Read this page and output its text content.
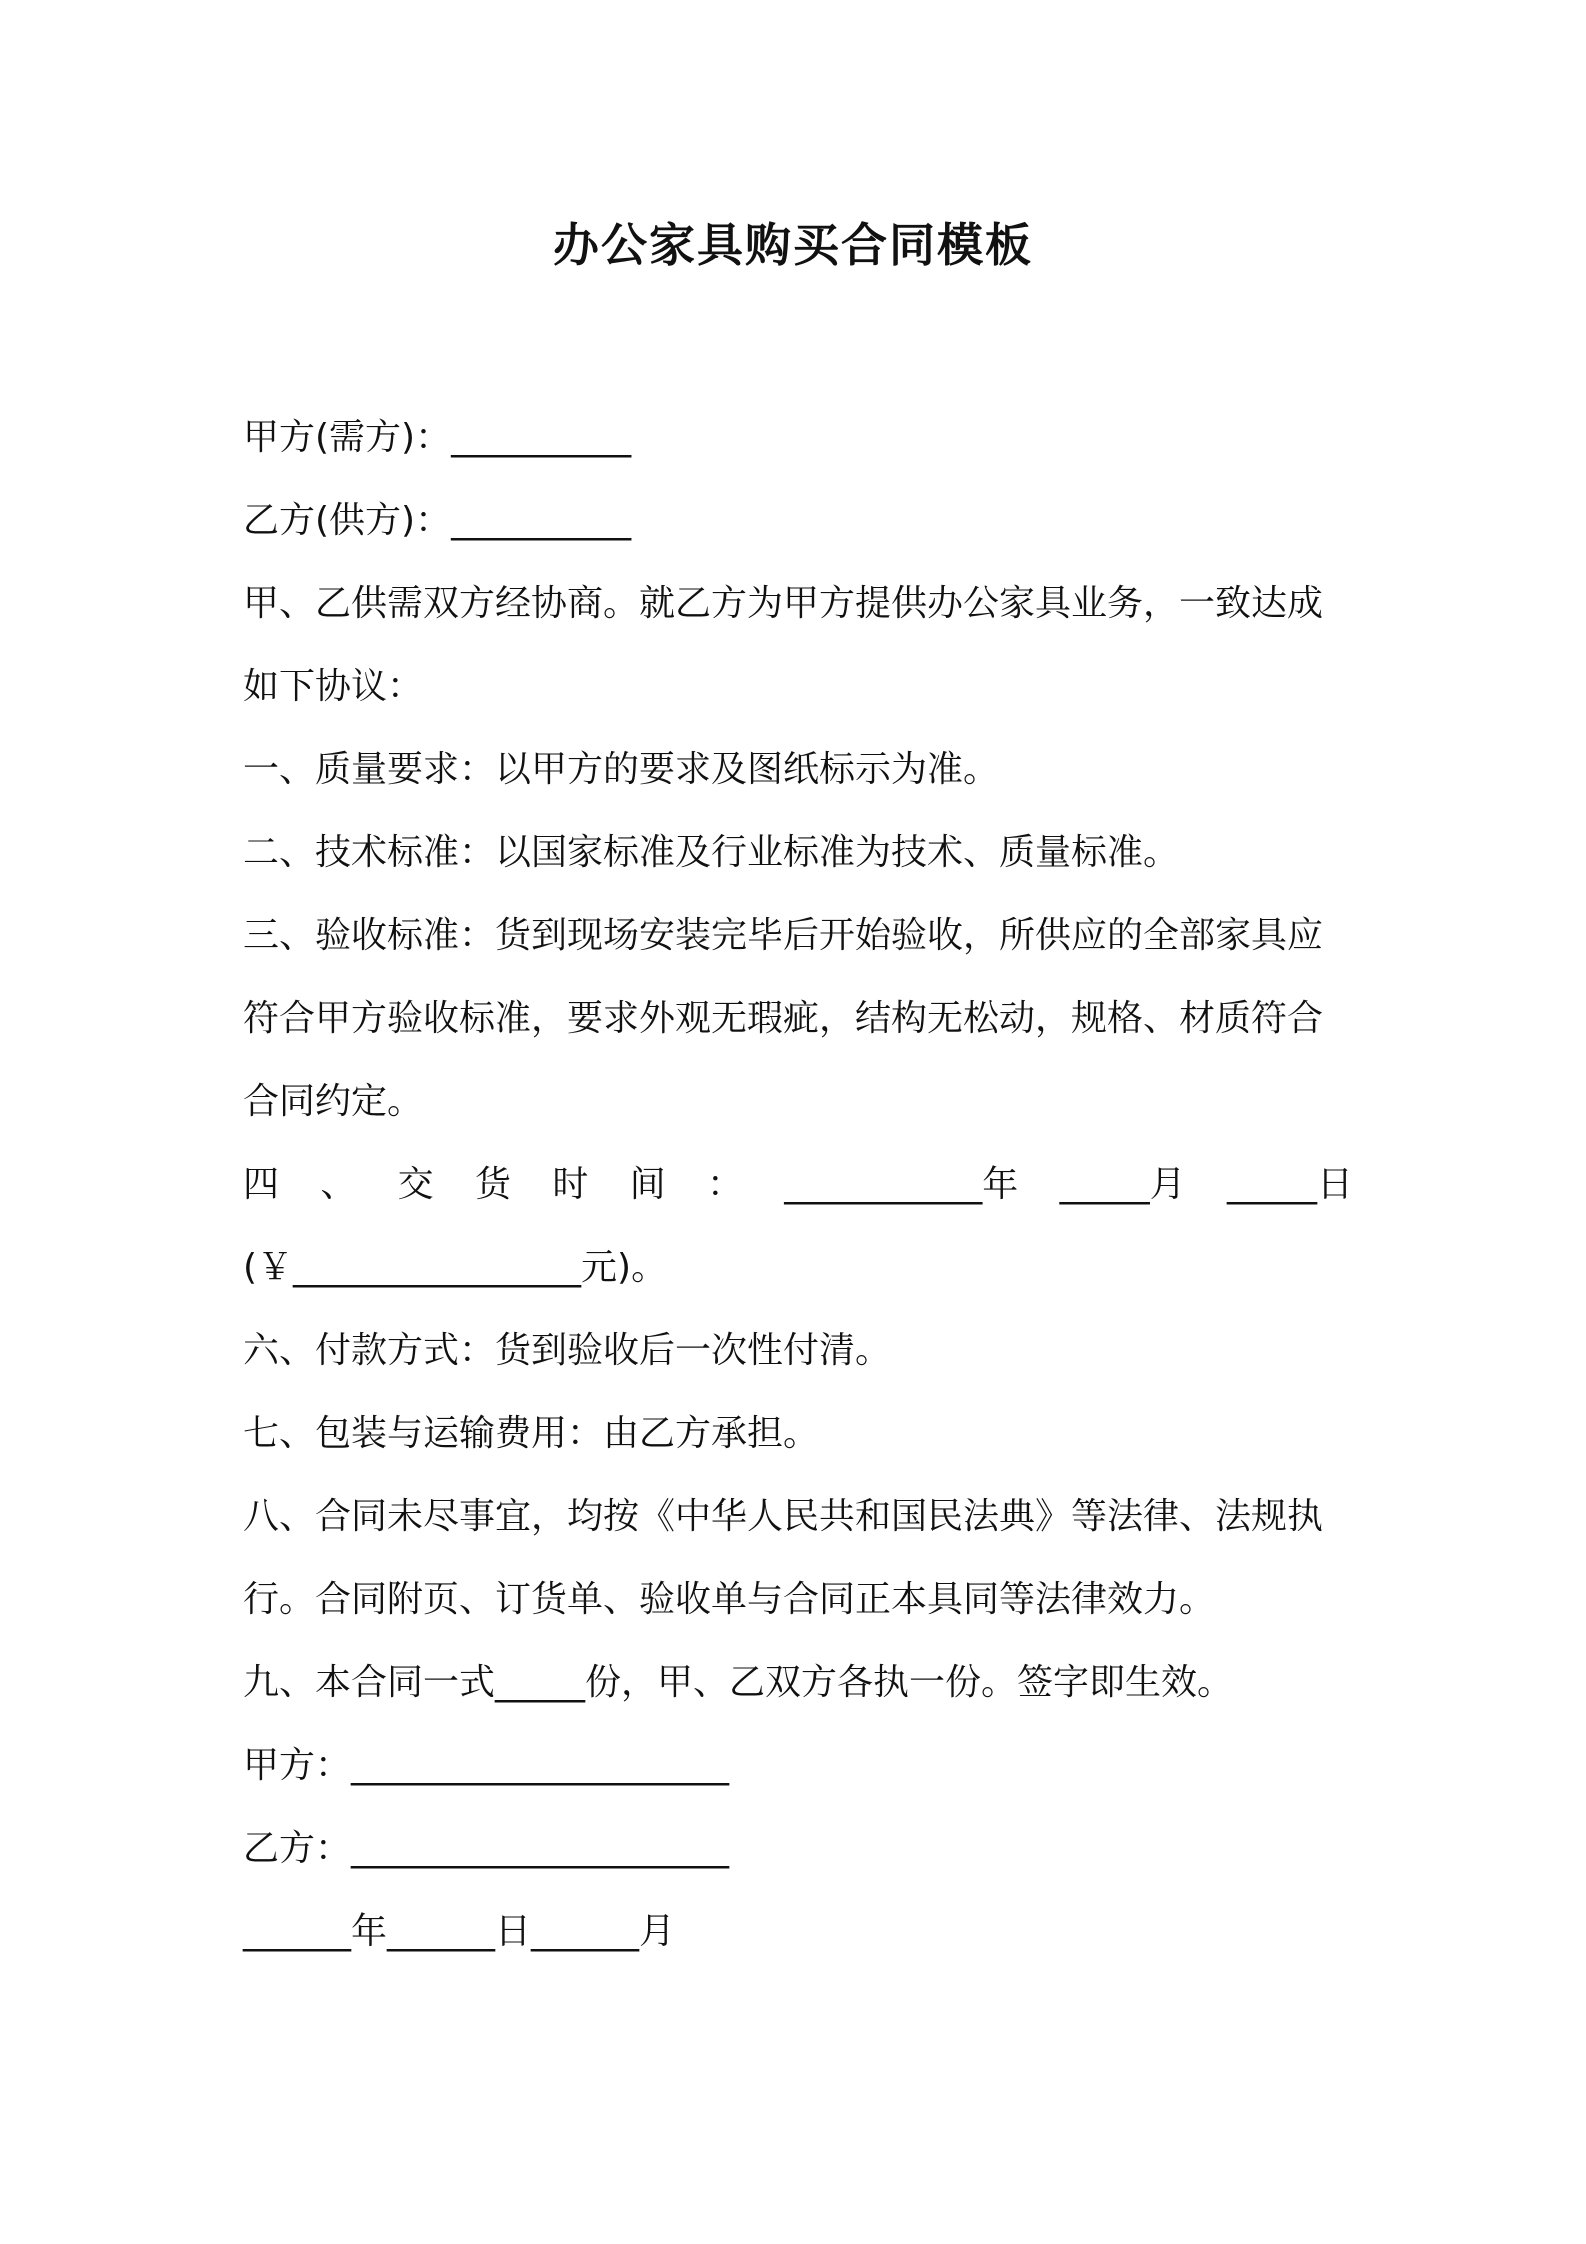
办公家具购买合同模板
甲方(需方)：__________
乙方(供方)：__________
甲、乙供需双方经协商。就乙方为甲方提供办公家具业务，一致达成
如下协议：
一、质量要求：以甲方的要求及图纸标示为准。
二、技术标准：以国家标准及行业标准为技术、质量标准。
三、验收标准：货到现场安装完毕后开始验收，所供应的全部家具应
符合甲方验收标准，要求外观无瑕疵，结构无松动，规格、材质符合
合同约定。
四 、 交 货 时 间 ： ___________年 _____月 _____日
(￥________________元)。
六、付款方式：货到验收后一次性付清。
七、包装与运输费用：由乙方承担。
八、合同未尽事宜，均按《中华人民共和国民法典》等法律、法规执
行。合同附页、订货单、验收单与合同正本具同等法律效力。
九、本合同一式_____份，甲、乙双方各执一份。签字即生效。
甲方：_____________________
乙方：_____________________
______年______日______月
